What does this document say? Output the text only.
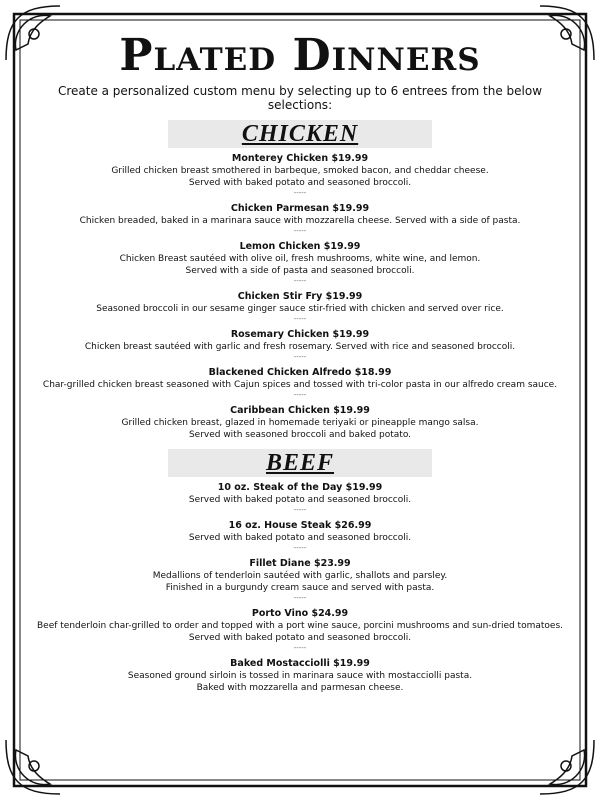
Plated Dinners
Create a personalized custom menu by selecting up to 6 entrees from the below selections:
CHICKEN
Monterey Chicken $19.99
Grilled chicken breast smothered in barbeque, smoked bacon, and cheddar cheese.
Served with baked potato and seasoned broccoli.
-----
Chicken Parmesan $19.99
Chicken breaded, baked in a marinara sauce with mozzarella cheese. Served with a side of pasta.
-----
Lemon Chicken $19.99
Chicken Breast sautéed with olive oil, fresh mushrooms, white wine, and lemon.
Served with a side of pasta and seasoned broccoli.
-----
Chicken Stir Fry $19.99
Seasoned broccoli in our sesame ginger sauce stir-fried with chicken and served over rice.
-----
Rosemary Chicken $19.99
Chicken breast sautéed with garlic and fresh rosemary. Served with rice and seasoned broccoli.
-----
Blackened Chicken Alfredo $18.99
Char-grilled chicken breast seasoned with Cajun spices and tossed with tri-color pasta in our alfredo cream sauce.
-----
Caribbean Chicken $19.99
Grilled chicken breast, glazed in homemade teriyaki or pineapple mango salsa.
Served with seasoned broccoli and baked potato.
BEEF
10 oz. Steak of the Day $19.99
Served with baked potato and seasoned broccoli.
-----
16 oz. House Steak $26.99
Served with baked potato and seasoned broccoli.
-----
Fillet Diane $23.99
Medallions of tenderloin sautéed with garlic, shallots and parsley.
Finished in a burgundy cream sauce and served with pasta.
-----
Porto Vino $24.99
Beef tenderloin char-grilled to order and topped with a port wine sauce, porcini mushrooms and sun-dried tomatoes.
Served with baked potato and seasoned broccoli.
-----
Baked Mostacciolli $19.99
Seasoned ground sirloin is tossed in marinara sauce with mostacciolli pasta.
Baked with mozzarella and parmesan cheese.
